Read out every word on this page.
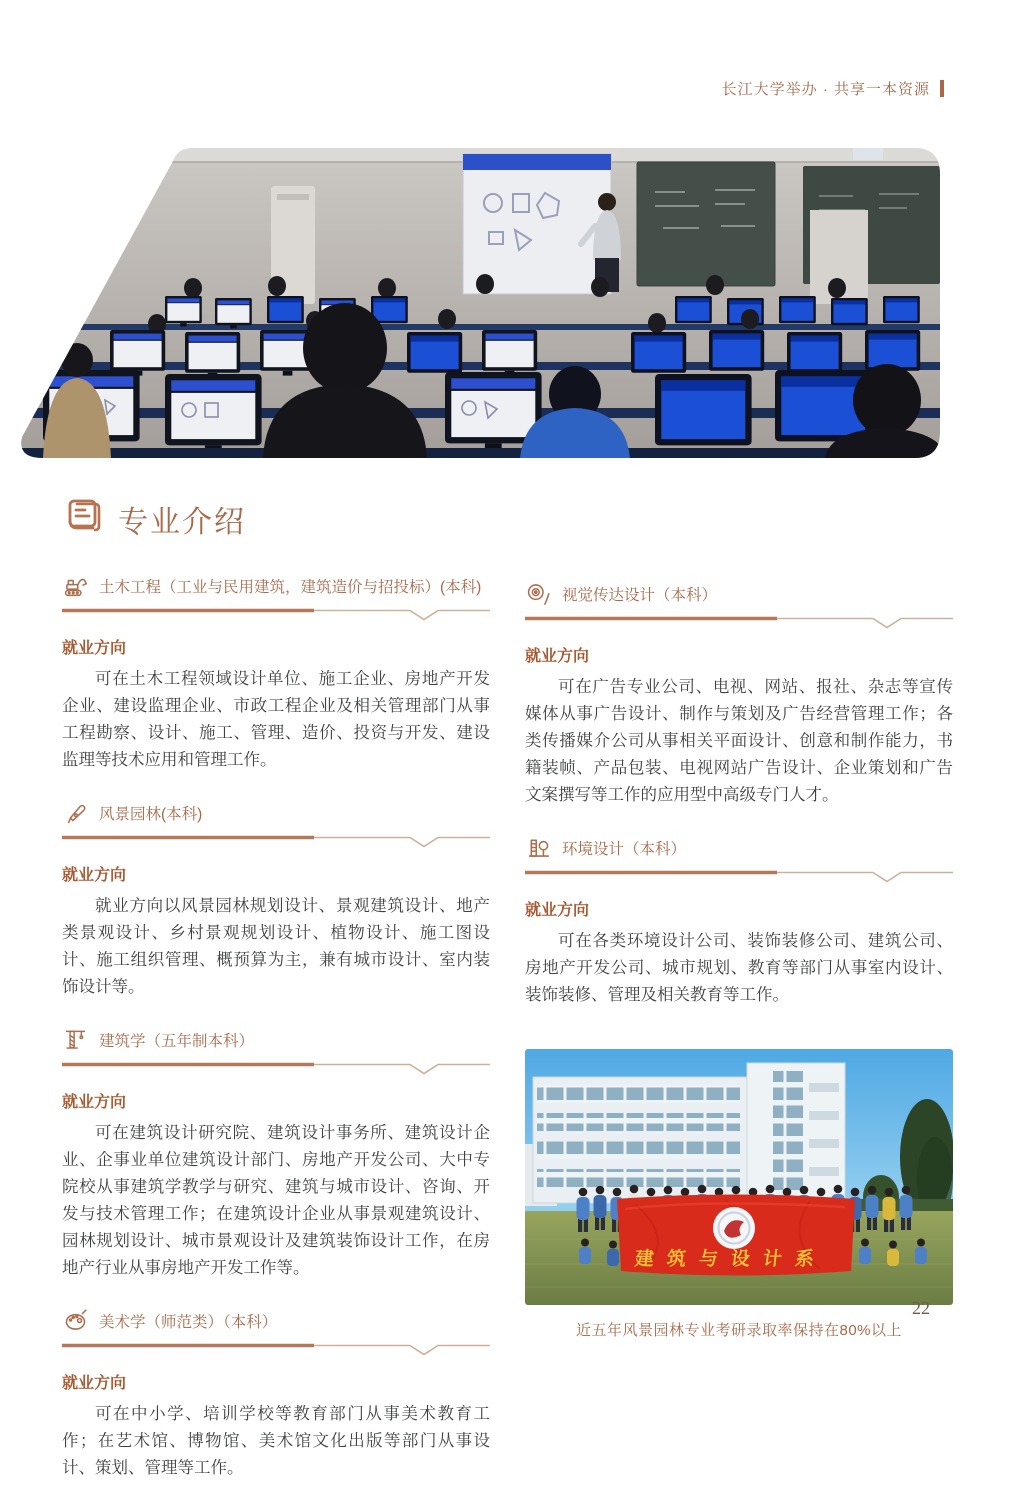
长江大学举办 · 共享一本资源
专业介绍
土木工程（工业与民用建筑，建筑造价与招投标）(本科)
就业方向
可在土木工程领域设计单位、施工企业、房地产开发企业、建设监理企业、市政工程企业及相关管理部门从事工程勘察、设计、施工、管理、造价、投资与开发、建设监理等技术应用和管理工作。
风景园林(本科)
就业方向
就业方向以风景园林规划设计、景观建筑设计、地产类景观设计、乡村景观规划设计、植物设计、施工图设计、施工组织管理、概预算为主，兼有城市设计、室内装饰设计等。
建筑学（五年制本科）
就业方向
可在建筑设计研究院、建筑设计事务所、建筑设计企业、企事业单位建筑设计部门、房地产开发公司、大中专院校从事建筑学教学与研究、建筑与城市设计、咨询、开发与技术管理工作；在建筑设计企业从事景观建筑设计、园林规划设计、城市景观设计及建筑装饰设计工作，在房地产行业从事房地产开发工作等。
美术学（师范类）（本科）
就业方向
可在中小学、培训学校等教育部门从事美术教育工作；在艺术馆、博物馆、美术馆文化出版等部门从事设计、策划、管理等工作。
视觉传达设计（本科）
就业方向
可在广告专业公司、电视、网站、报社、杂志等宣传媒体从事广告设计、制作与策划及广告经营管理工作；各类传播媒介公司从事相关平面设计、创意和制作能力，书籍装帧、产品包装、电视网站广告设计、企业策划和广告文案撰写等工作的应用型中高级专门人才。
环境设计（本科）
就业方向
可在各类环境设计公司、装饰装修公司、建筑公司、房地产开发公司、城市规划、教育等部门从事室内设计、装饰装修、管理及相关教育等工作。
建筑与设计系
近五年风景园林专业考研录取率保持在80%以上
22
